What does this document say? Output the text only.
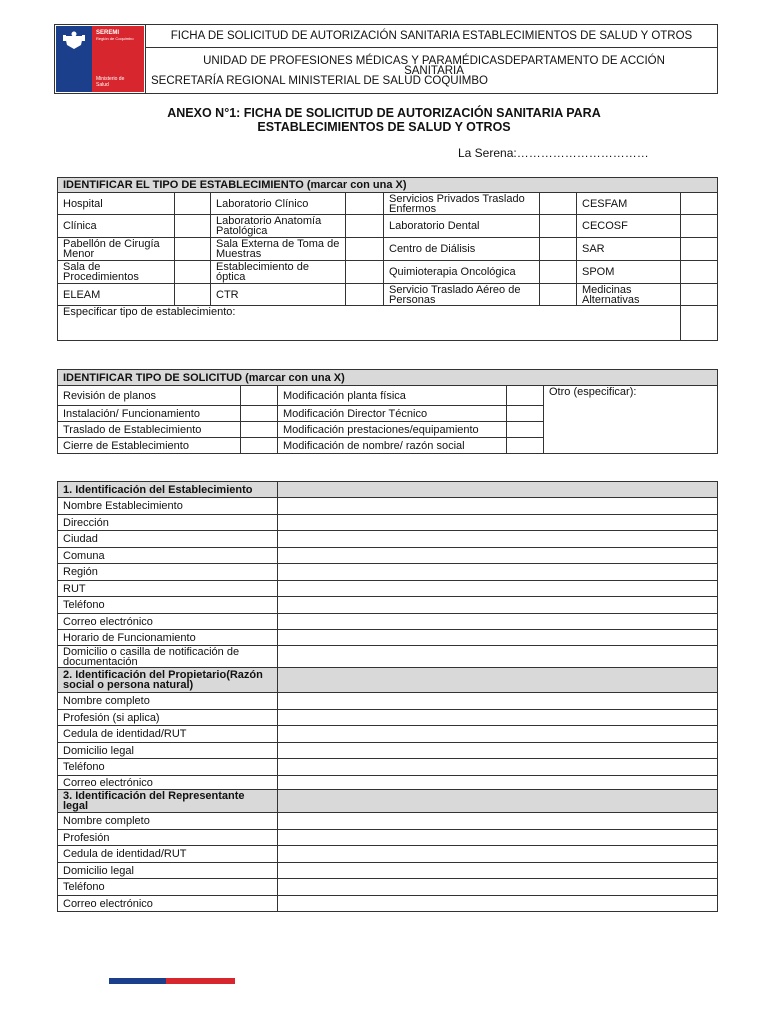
SEREMI
Región de Coquimbo
Ministerio de Salud
	FICHA DE SOLICITUD DE AUTORIZACIÓN SANITARIA ESTABLECIMIENTOS DE SALUD Y OTROS

UNIDAD DE PROFESIONES MÉDICAS Y PARAMÉDICASDEPARTAMENTO DE ACCIÓN
SANITARIA
SECRETARÍA REGIONAL MINISTERIAL DE SALUD COQUIMBO
ANEXO N°1: FICHA DE SOLICITUD DE AUTORIZACIÓN SANITARIA PARA
ESTABLECIMIENTOS DE SALUD Y OTROS
La Serena:……………………………
IDENTIFICAR EL TIPO DE ESTABLECIMIENTO (marcar con una X)							
Hospital		Laboratorio Clínico		Servicios Privados Traslado Enfermos		CESFAM	
Clínica		Laboratorio Anatomía Patológica		Laboratorio Dental		CECOSF	
Pabellón de Cirugía Menor		Sala Externa de Toma de Muestras		Centro de Diálisis		SAR	
Sala de Procedimientos		Establecimiento de óptica		Quimioterapia Oncológica		SPOM	
ELEAM		CTR		Servicio Traslado Aéreo de Personas		Medicinas Alternativas	
Especificar tipo de establecimiento:							
IDENTIFICAR TIPO DE SOLICITUD (marcar con una X)				
Revisión de planos		Modificación planta física		Otro (especificar):
Instalación/ Funcionamiento		Modificación Director Técnico		
Traslado de Establecimiento		Modificación prestaciones/equipamiento		
Cierre de Establecimiento		Modificación de nombre/ razón social		
1. Identificación del Establecimiento	
Nombre Establecimiento	
Dirección	
Ciudad	
Comuna	
Región	
RUT	
Teléfono	
Correo electrónico	
Horario de Funcionamiento	
Domicilio o casilla de notificación de documentación	
2. Identificación del Propietario(Razón social o persona natural)	
Nombre completo	
Profesión (si aplica)	
Cedula de identidad/RUT	
Domicilio legal	
Teléfono	
Correo electrónico	
3. Identificación del Representante legal	
Nombre completo	
Profesión	
Cedula de identidad/RUT	
Domicilio legal	
Teléfono	
Correo electrónico	
